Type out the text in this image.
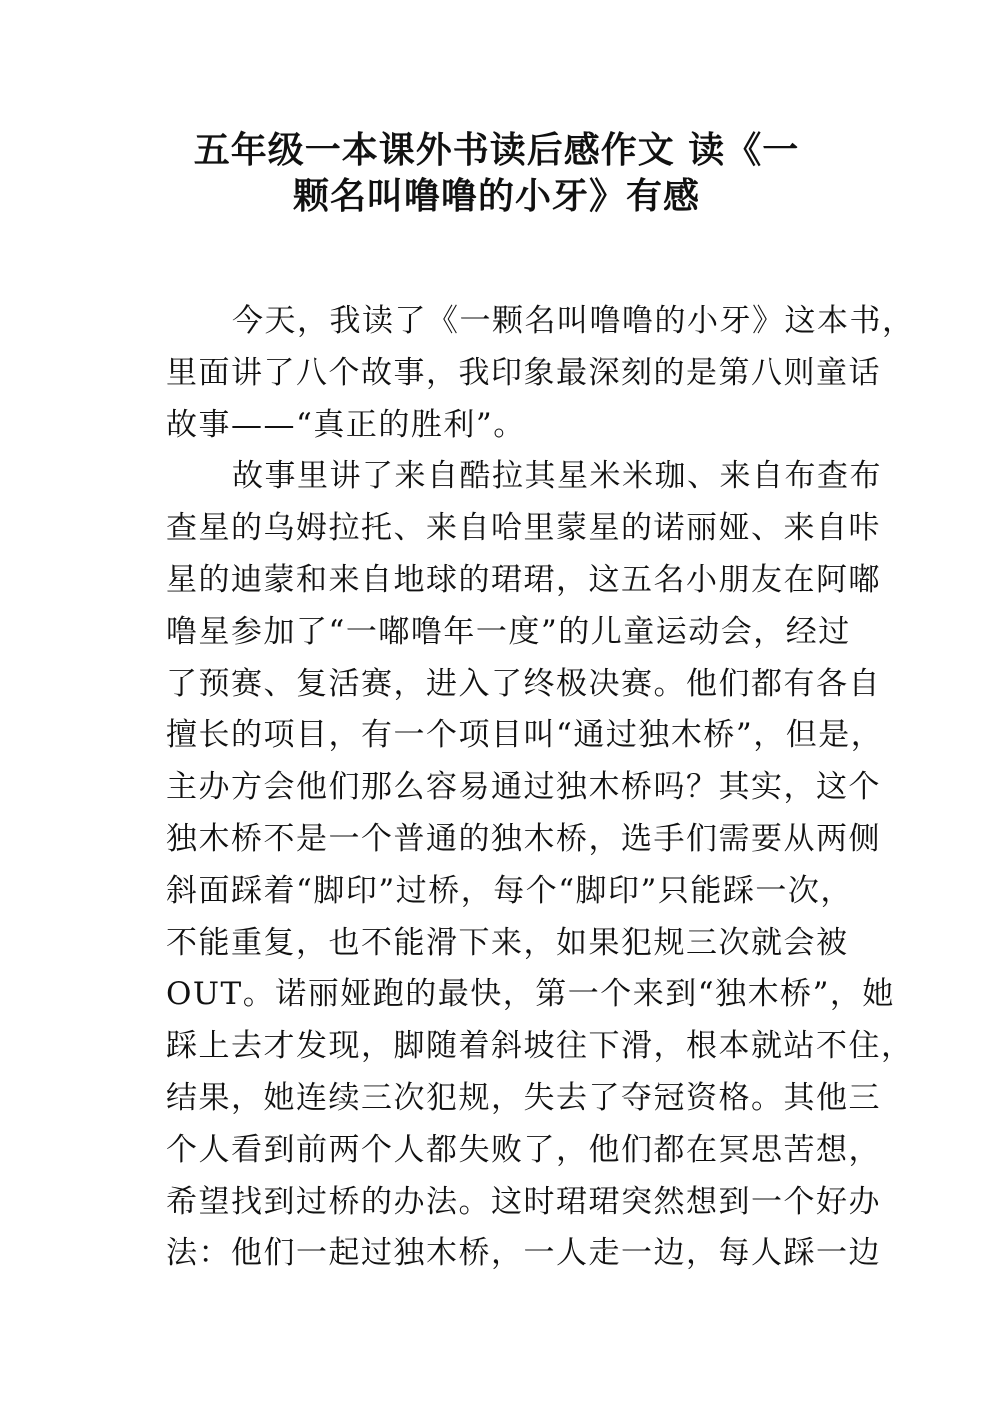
五年级一本课外书读后感作文 读《一
颗名叫噜噜的小牙》有感
今天，我读了《一颗名叫噜噜的小牙》这本书，
里面讲了八个故事，我印象最深刻的是第八则童话
故事——“真正的胜利”。
故事里讲了来自酷拉其星米米珈、来自布查布
查星的乌姆拉托、来自哈里蒙星的诺丽娅、来自咔
星的迪蒙和来自地球的珺珺，这五名小朋友在阿嘟
噜星参加了“一嘟噜年一度”的儿童运动会，经过
了预赛、复活赛，进入了终极决赛。他们都有各自
擅长的项目，有一个项目叫“通过独木桥”，但是，
主办方会他们那么容易通过独木桥吗？其实，这个
独木桥不是一个普通的独木桥，选手们需要从两侧
斜面踩着“脚印”过桥，每个“脚印”只能踩一次，
不能重复，也不能滑下来，如果犯规三次就会被
OUT。诺丽娅跑的最快，第一个来到“独木桥”，她
踩上去才发现，脚随着斜坡往下滑，根本就站不住，
结果，她连续三次犯规，失去了夺冠资格。其他三
个人看到前两个人都失败了，他们都在冥思苦想，
希望找到过桥的办法。这时珺珺突然想到一个好办
法：他们一起过独木桥，一人走一边，每人踩一边
